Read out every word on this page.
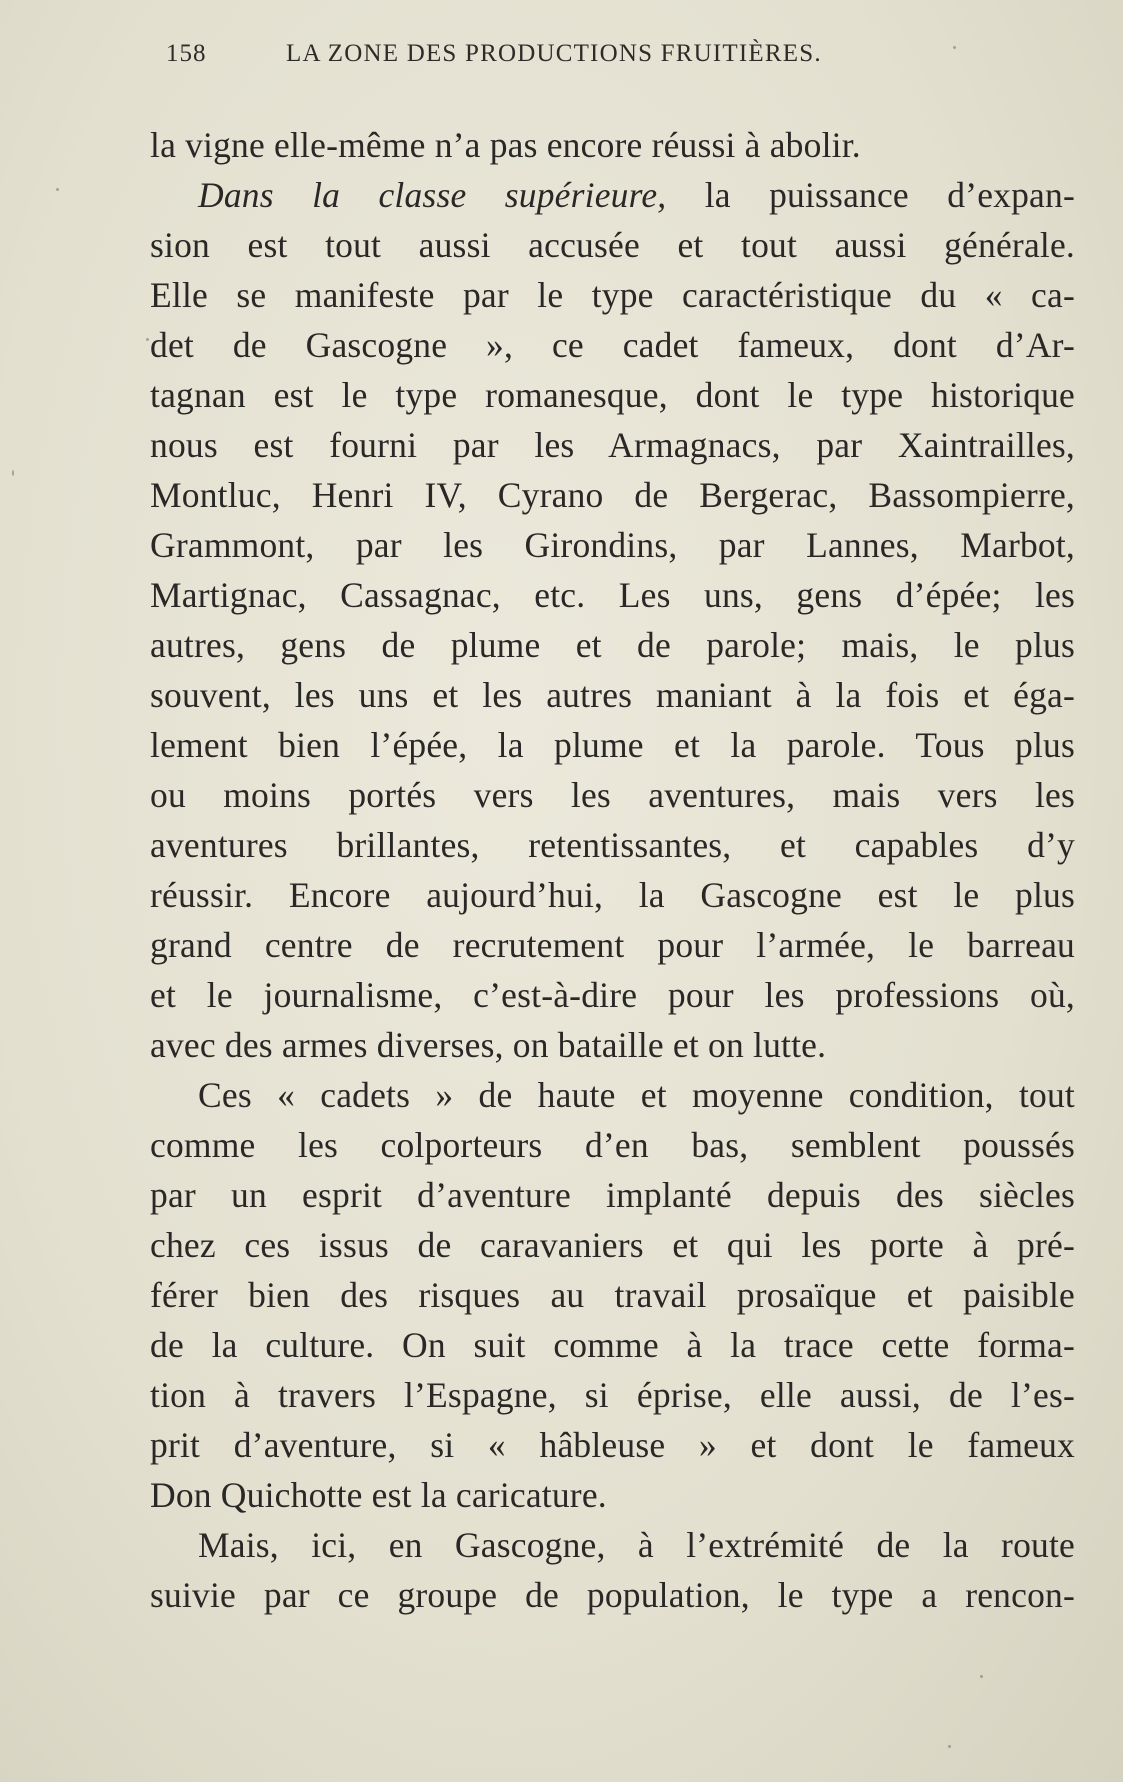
158	LA ZONE DES PRODUCTIONS FRUITIÈRES.
la vigne elle-même n’a pas encore réussi à abolir.
Dans la classe supérieure, la puissance d’expan-
sion est tout aussi accusée et tout aussi générale.
Elle se manifeste par le type caractéristique du « ca-
det de Gascogne », ce cadet fameux, dont d’Ar-
tagnan est le type romanesque, dont le type historique
nous est fourni par les Armagnacs, par Xaintrailles,
Montluc, Henri IV, Cyrano de Bergerac, Bassompierre,
Grammont, par les Girondins, par Lannes, Marbot,
Martignac, Cassagnac, etc. Les uns, gens d’épée; les
autres, gens de plume et de parole; mais, le plus
souvent, les uns et les autres maniant à la fois et éga-
lement bien l’épée, la plume et la parole. Tous plus
ou moins portés vers les aventures, mais vers les
aventures brillantes, retentissantes, et capables d’y
réussir. Encore aujourd’hui, la Gascogne est le plus
grand centre de recrutement pour l’armée, le barreau
et le journalisme, c’est-à-dire pour les professions où,
avec des armes diverses, on bataille et on lutte.
Ces « cadets » de haute et moyenne condition, tout
comme les colporteurs d’en bas, semblent poussés
par un esprit d’aventure implanté depuis des siècles
chez ces issus de caravaniers et qui les porte à pré-
férer bien des risques au travail prosaïque et paisible
de la culture. On suit comme à la trace cette forma-
tion à travers l’Espagne, si éprise, elle aussi, de l’es-
prit d’aventure, si « hâbleuse » et dont le fameux
Don Quichotte est la caricature.
Mais, ici, en Gascogne, à l’extrémité de la route
suivie par ce groupe de population, le type a rencon-
